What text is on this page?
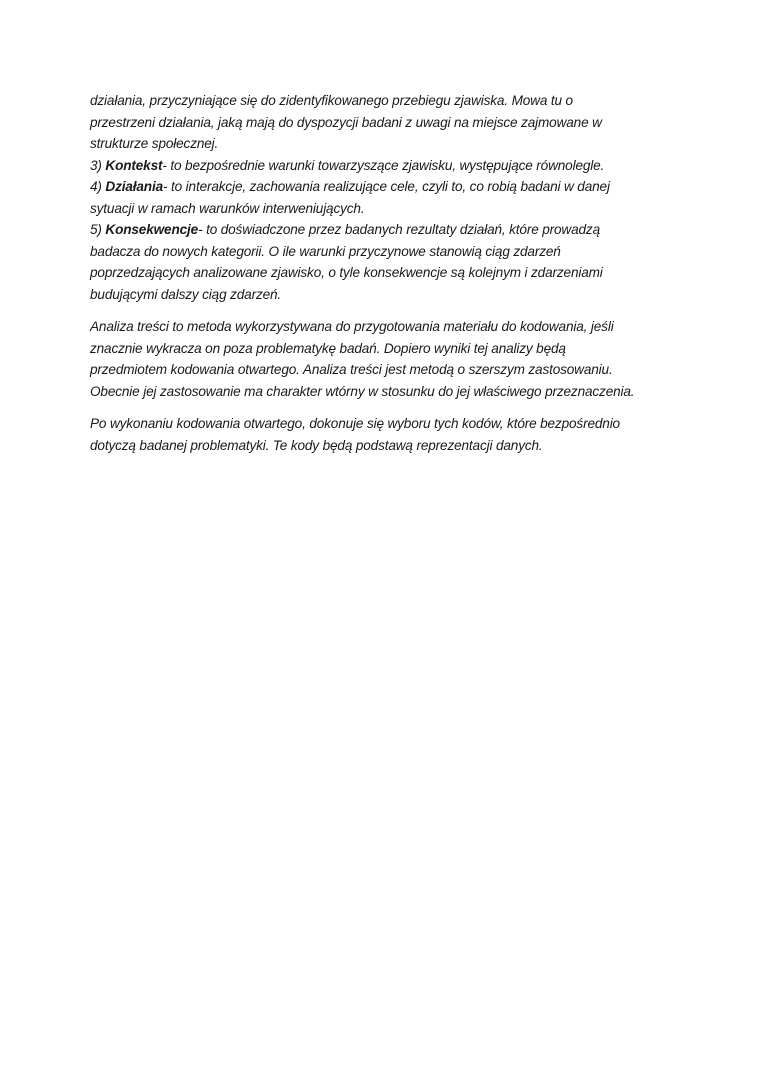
działania, przyczyniające się do zidentyfikowanego przebiegu zjawiska. Mowa tu o
przestrzeni działania, jaką mają do dyspozycji badani z uwagi na miejsce zajmowane w
strukturze społecznej.
3) Kontekst- to bezpośrednie warunki towarzyszące zjawisku, występujące równolegle.
4) Działania- to interakcje, zachowania realizujące cele, czyli to, co robią badani w danej
sytuacji w ramach warunków interweniujących.
5) Konsekwencje- to doświadczone przez badanych rezultaty działań, które prowadzą
badacza do nowych kategorii. O ile warunki przyczynowe stanowią ciąg zdarzeń
poprzedzających analizowane zjawisko, o tyle konsekwencje są kolejnym i zdarzeniami
budującymi dalszy ciąg zdarzeń.
Analiza treści to metoda wykorzystywana do przygotowania materiału do kodowania, jeśli
znacznie wykracza on poza problematykę badań. Dopiero wyniki tej analizy będą
przedmiotem kodowania otwartego. Analiza treści jest metodą o szerszym zastosowaniu.
Obecnie jej zastosowanie ma charakter wtórny w stosunku do jej właściwego przeznaczenia.
Po wykonaniu kodowania otwartego, dokonuje się wyboru tych kodów, które bezpośrednio
dotyczą badanej problematyki. Te kody będą podstawą reprezentacji danych.
